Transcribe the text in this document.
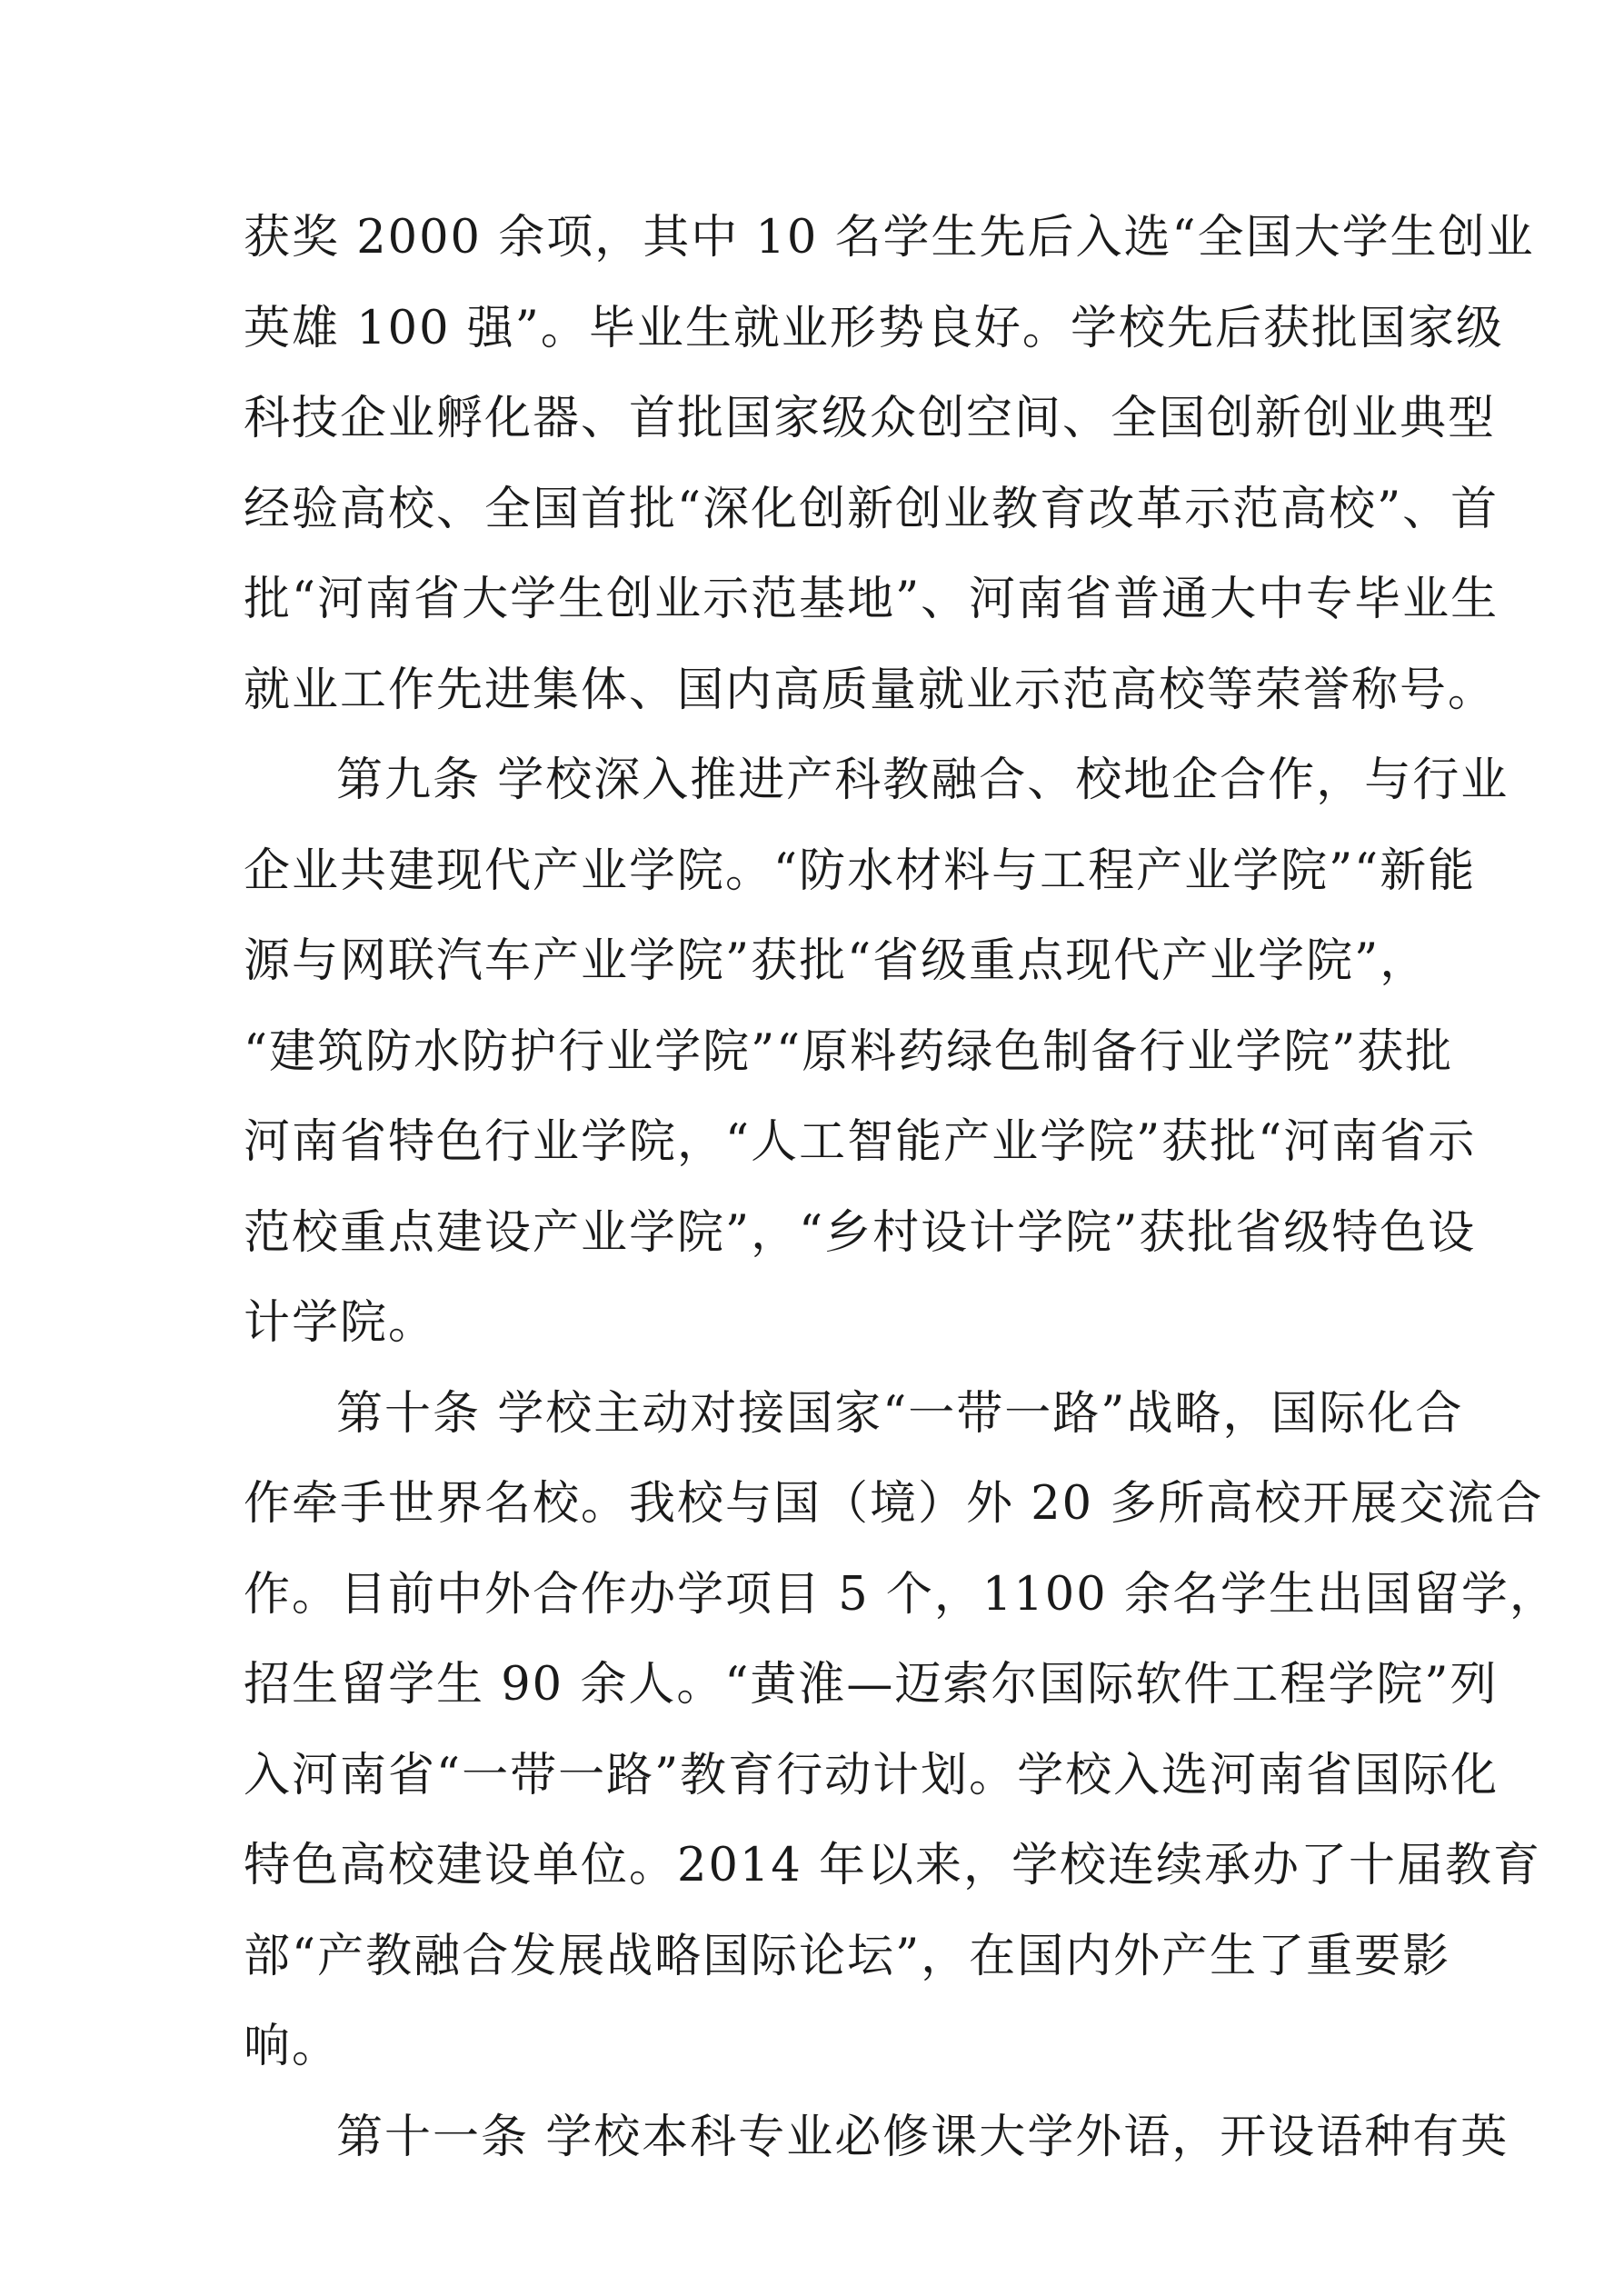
获奖 2000 余项，其中 10 名学生先后入选“全国大学生创业
英雄 100 强”。毕业生就业形势良好。学校先后获批国家级
科技企业孵化器、首批国家级众创空间、全国创新创业典型
经验高校、全国首批“深化创新创业教育改革示范高校”、首
批“河南省大学生创业示范基地”、河南省普通大中专毕业生
就业工作先进集体、国内高质量就业示范高校等荣誉称号。
第九条 学校深入推进产科教融合、校地企合作，与行业
企业共建现代产业学院。“防水材料与工程产业学院”“新能
源与网联汽车产业学院”获批“省级重点现代产业学院”，
“建筑防水防护行业学院”“原料药绿色制备行业学院”获批
河南省特色行业学院，“人工智能产业学院”获批“河南省示
范校重点建设产业学院”，“乡村设计学院”获批省级特色设
计学院。
第十条 学校主动对接国家“一带一路”战略，国际化合
作牵手世界名校。我校与国（境）外 20 多所高校开展交流合
作。目前中外合作办学项目 5 个，1100 余名学生出国留学，
招生留学生 90 余人。“黄淮—迈索尔国际软件工程学院”列
入河南省“一带一路”教育行动计划。学校入选河南省国际化
特色高校建设单位。2014 年以来，学校连续承办了十届教育
部“产教融合发展战略国际论坛”，在国内外产生了重要影
响。
第十一条 学校本科专业必修课大学外语，开设语种有英
